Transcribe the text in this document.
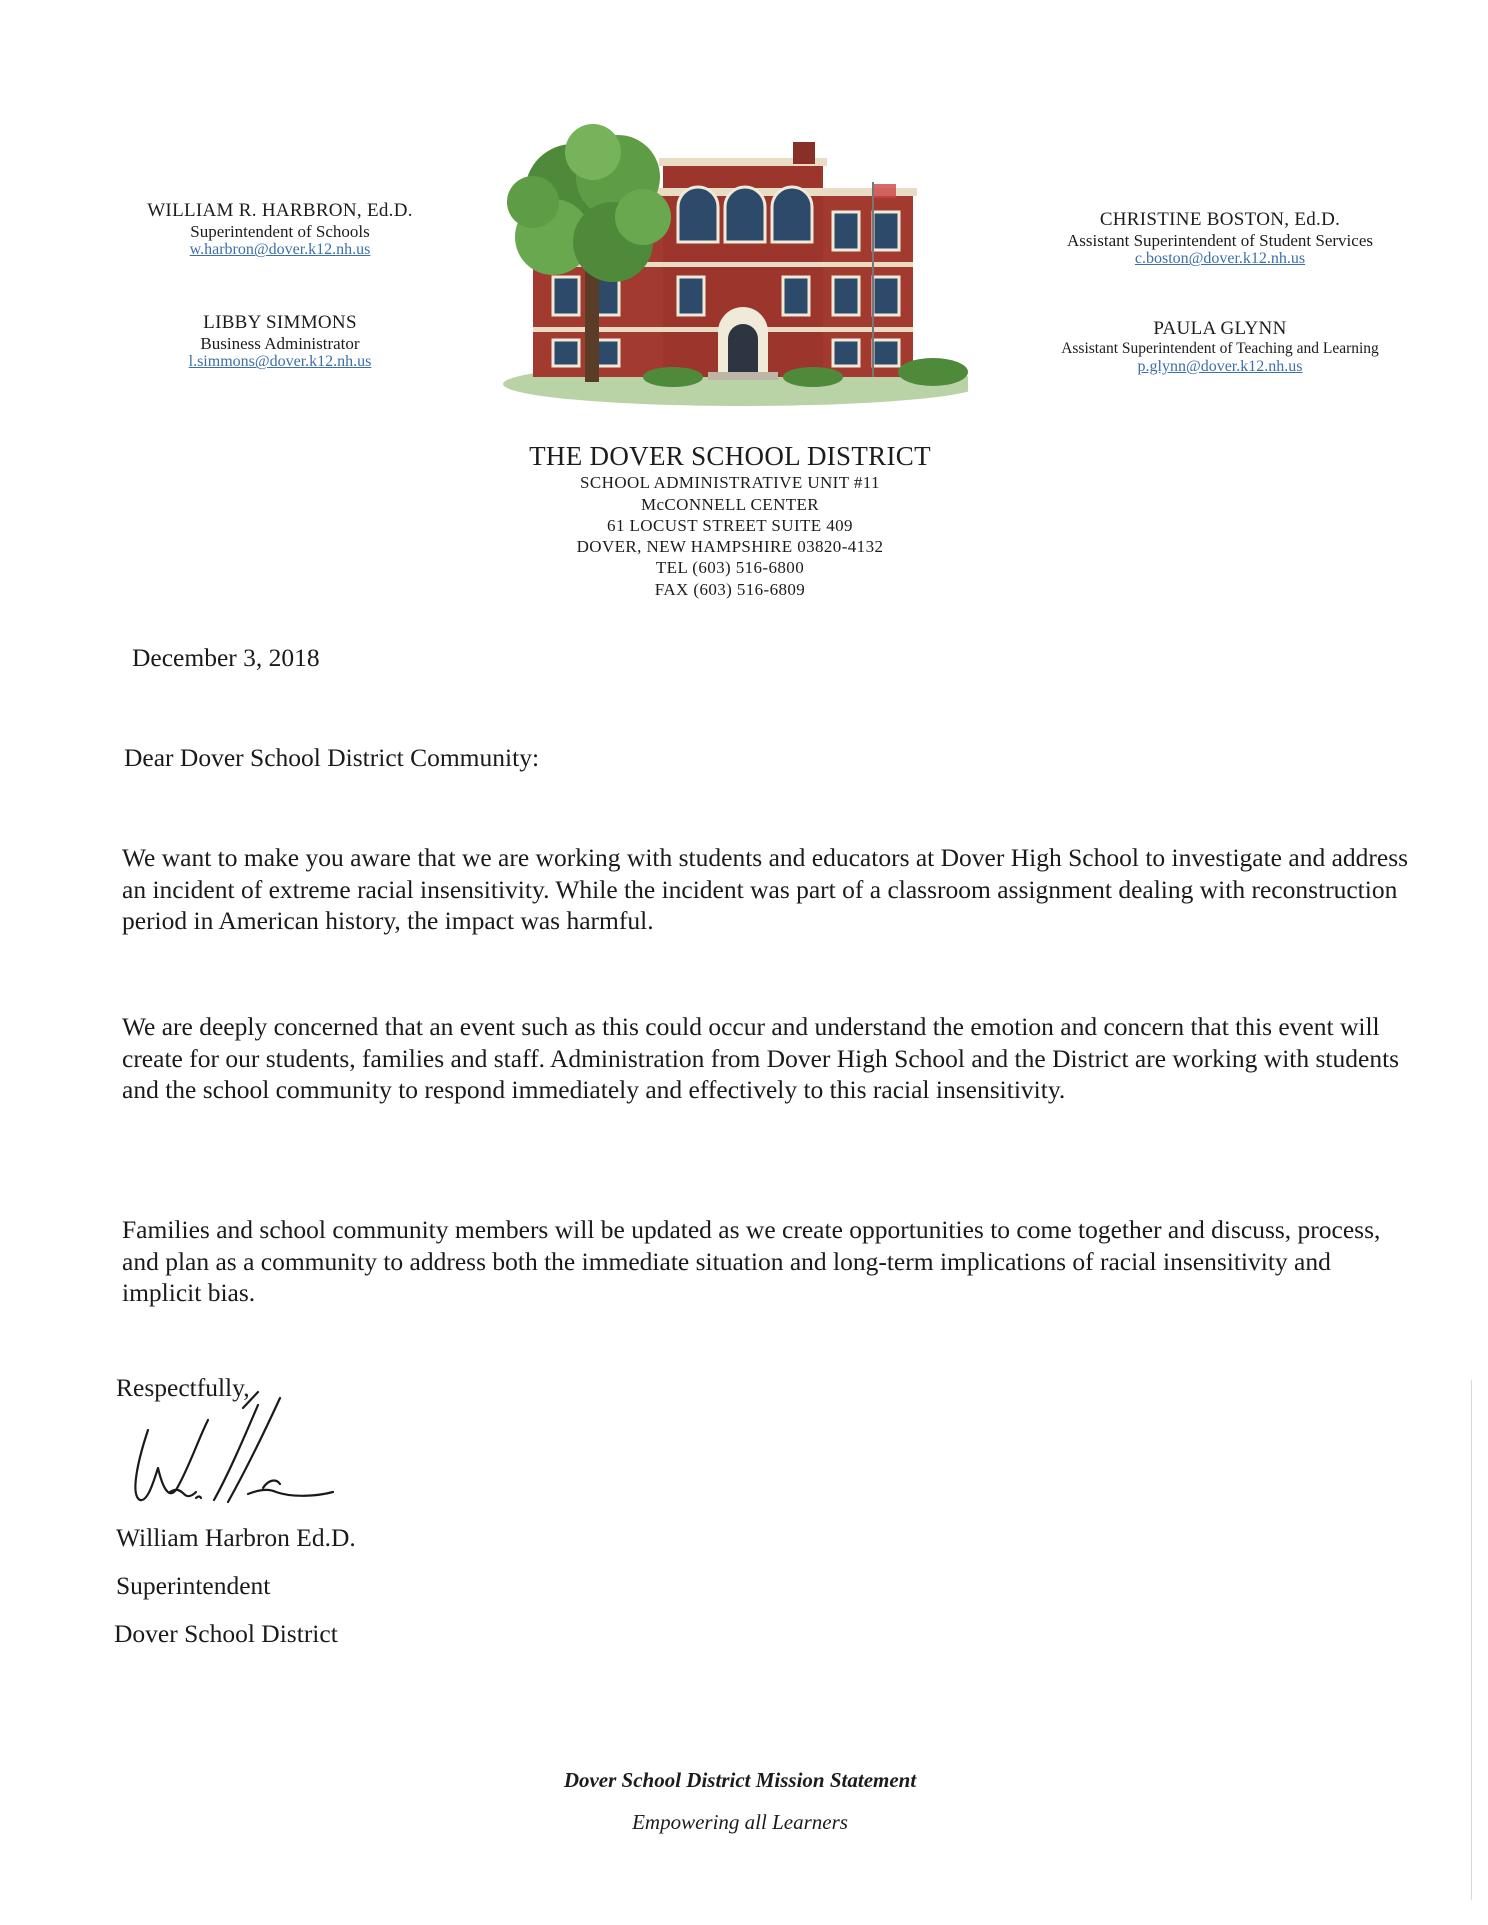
WILLIAM R. HARBRON, Ed.D.
Superintendent of Schools
w.harbron@dover.k12.nh.us
LIBBY SIMMONS
Business Administrator
l.simmons@dover.k12.nh.us
CHRISTINE BOSTON, Ed.D.
Assistant Superintendent of Student Services
c.boston@dover.k12.nh.us
PAULA GLYNN
Assistant Superintendent of Teaching and Learning
p.glynn@dover.k12.nh.us
THE DOVER SCHOOL DISTRICT
SCHOOL ADMINISTRATIVE UNIT #11
McCONNELL CENTER
61 LOCUST STREET SUITE 409
DOVER, NEW HAMPSHIRE 03820-4132
TEL (603) 516-6800
FAX (603) 516-6809
December 3, 2018
Dear Dover School District Community:
We want to make you aware that we are working with students and educators at Dover High School to investigate and address an incident of extreme racial insensitivity. While the incident was part of a classroom assignment dealing with reconstruction period in American history, the impact was harmful.
We are deeply concerned that an event such as this could occur and understand the emotion and concern that this event will create for our students, families and staff. Administration from Dover High School and the District are working with students and the school community to respond immediately and effectively to this racial insensitivity.
Families and school community members will be updated as we create opportunities to come together and discuss, process, and plan as a community to address both the immediate situation and long-term implications of racial insensitivity and implicit bias.
Respectfully,
William Harbron Ed.D.
Superintendent
Dover School District
Dover School District Mission Statement
Empowering all Learners
